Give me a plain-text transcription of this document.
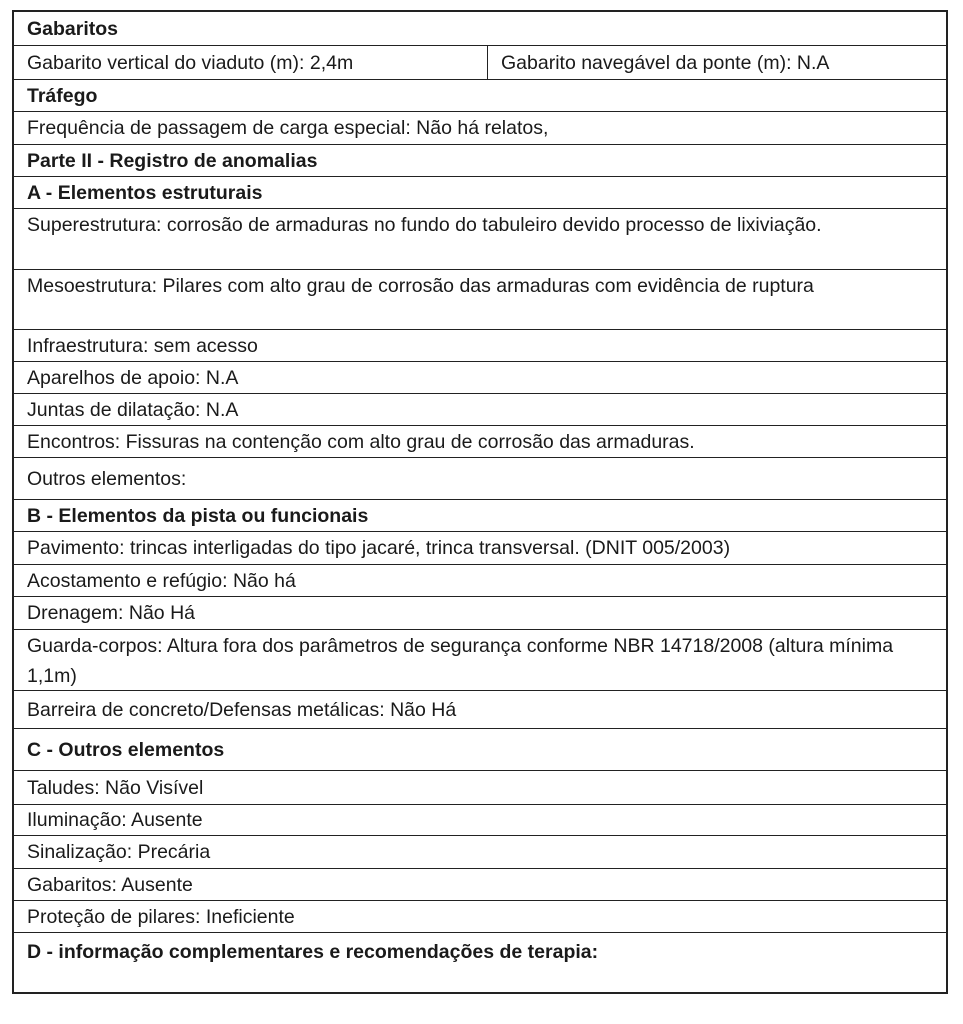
Gabaritos
Gabarito vertical do viaduto (m): 2,4m	Gabarito navegável da ponte (m): N.A
Tráfego
Frequência de passagem de carga especial: Não há relatos,
Parte II - Registro de anomalias
A - Elementos estruturais
Superestrutura: corrosão de armaduras no fundo do tabuleiro devido processo de lixiviação.
Mesoestrutura: Pilares com alto grau de corrosão das armaduras com evidência de ruptura
Infraestrutura: sem acesso
Aparelhos de apoio: N.A
Juntas de dilatação: N.A
Encontros: Fissuras na contenção com alto grau de corrosão das armaduras.
Outros elementos:
B - Elementos da pista ou funcionais
Pavimento: trincas interligadas do tipo jacaré, trinca transversal. (DNIT 005/2003)
Acostamento e refúgio: Não há
Drenagem: Não Há
Guarda-corpos: Altura fora dos parâmetros de segurança conforme NBR 14718/2008 (altura mínima 1,1m)
Barreira de concreto/Defensas metálicas: Não Há
C - Outros elementos
Taludes: Não Visível
Iluminação: Ausente
Sinalização: Precária
Gabaritos: Ausente
Proteção de pilares: Ineficiente
D - informação complementares e recomendações de terapia:
